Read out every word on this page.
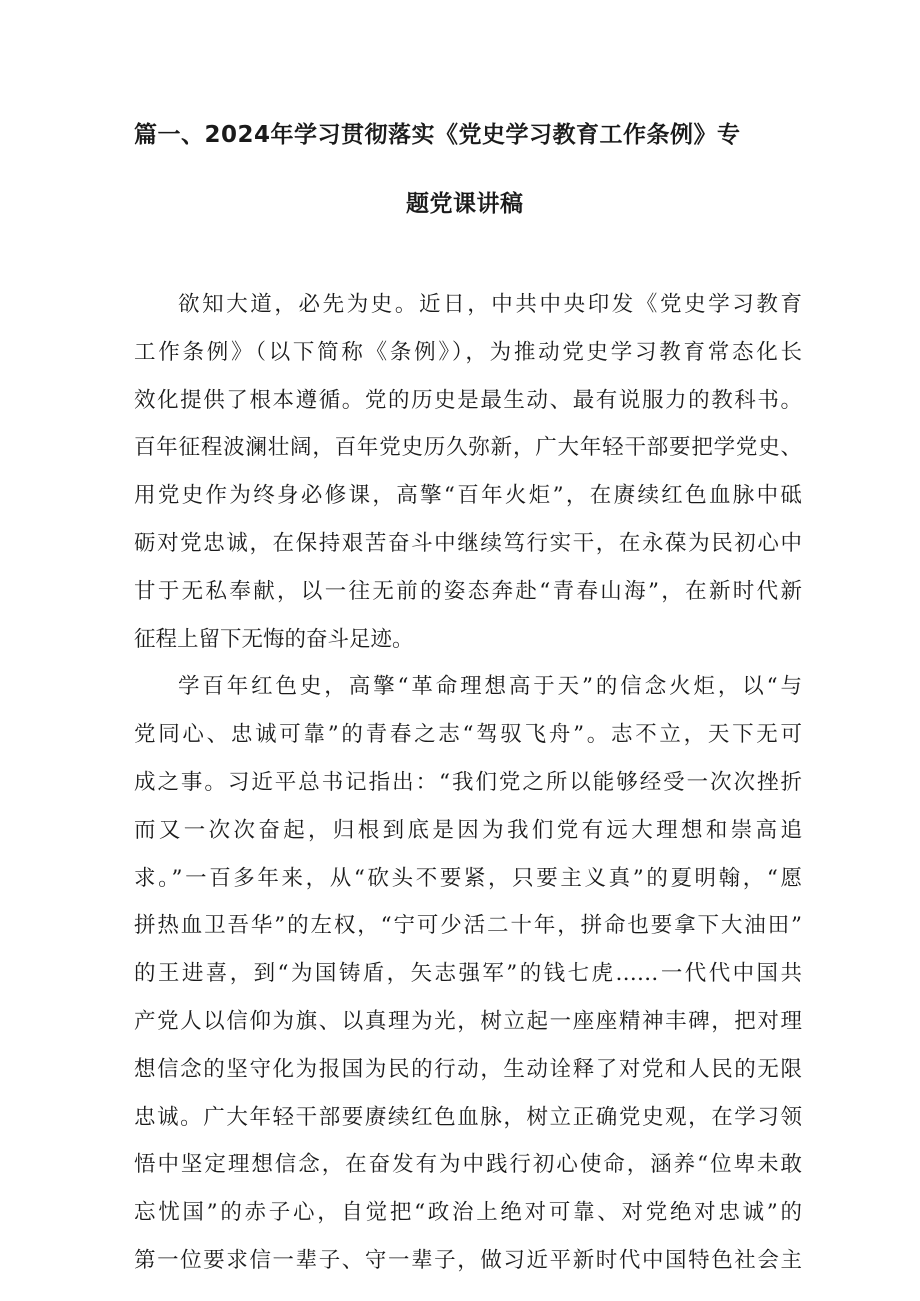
篇一、2024年学习贯彻落实《党史学习教育工作条例》专
题党课讲稿
欲知大道，必先为史。近日，中共中央印发《党史学习教育
工作条例》（以下简称《条例》），为推动党史学习教育常态化长
效化提供了根本遵循。党的历史是最生动、最有说服力的教科书。
百年征程波澜壮阔，百年党史历久弥新，广大年轻干部要把学党史、
用党史作为终身必修课，高擎“百年火炬”，在赓续红色血脉中砥
砺对党忠诚，在保持艰苦奋斗中继续笃行实干，在永葆为民初心中
甘于无私奉献，以一往无前的姿态奔赴“青春山海”，在新时代新
征程上留下无悔的奋斗足迹。
学百年红色史，高擎“革命理想高于天”的信念火炬，以“与
党同心、忠诚可靠”的青春之志“驾驭飞舟”。志不立，天下无可
成之事。习近平总书记指出：“我们党之所以能够经受一次次挫折
而又一次次奋起，归根到底是因为我们党有远大理想和崇高追
求。”一百多年来，从“砍头不要紧，只要主义真”的夏明翰，“愿
拼热血卫吾华”的左权，“宁可少活二十年，拼命也要拿下大油田”
的王进喜，到“为国铸盾，矢志强军”的钱七虎……一代代中国共
产党人以信仰为旗、以真理为光，树立起一座座精神丰碑，把对理
想信念的坚守化为报国为民的行动，生动诠释了对党和人民的无限
忠诚。广大年轻干部要赓续红色血脉，树立正确党史观，在学习领
悟中坚定理想信念，在奋发有为中践行初心使命，涵养“位卑未敢
忘忧国”的赤子心，自觉把“政治上绝对可靠、对党绝对忠诚”的
第一位要求信一辈子、守一辈子，做习近平新时代中国特色社会主
